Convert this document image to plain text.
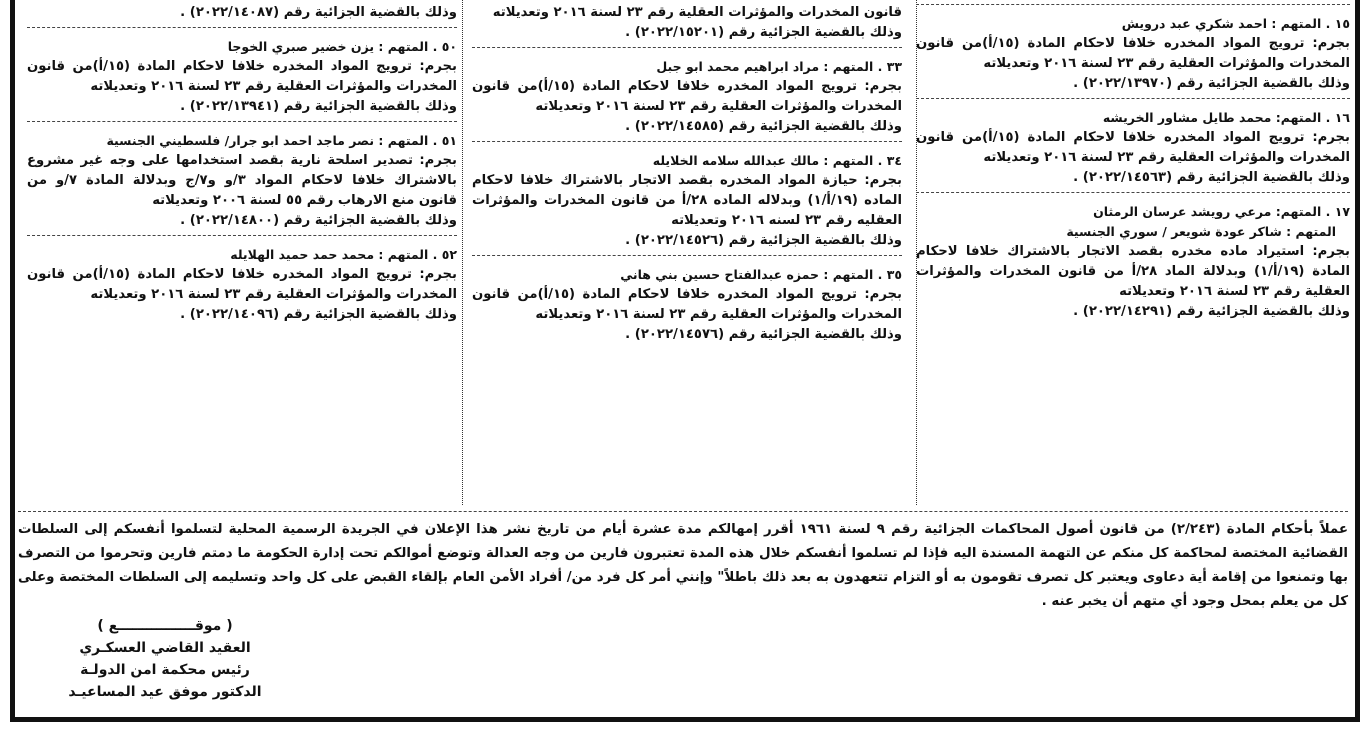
١٥ . المتهم : احمد شكري عبد درويش
بجرم: ترويج المواد المخدره خلافا لاحكام المادة (١٥/أ)من قانون المخدرات والمؤثرات العقلية رقم ٢٣ لسنة ٢٠١٦ وتعديلاته
وذلك بالقضية الجزائية رقم (٢٠٢٢/١٣٩٧٠) .
١٦ . المتهم: محمد طايل مشاور الخريشه
بجرم: ترويج المواد المخدره خلافا لاحكام المادة (١٥/أ)من قانون المخدرات والمؤثرات العقلية رقم ٢٣ لسنة ٢٠١٦ وتعديلاته
وذلك بالقضية الجزائية رقم (٢٠٢٢/١٤٥٦٣) .
١٧ . المتهم: مرعي رويشد عرسان الرمثان
المتهم : شاكر عودة شويعر / سوري الجنسية
بجرم: استيراد ماده مخدره بقصد الاتجار بالاشتراك خلافا لاحكام المادة (١٩/أ/١) وبدلالة الماد ٢٨/أ من قانون المخدرات والمؤثرات العقلية رقم ٢٣ لسنة ٢٠١٦ وتعديلاته
وذلك بالقضية الجزائية رقم (٢٠٢٢/١٤٢٩١) .
قانون المخدرات والمؤثرات العقلية رقم ٢٣ لسنة ٢٠١٦ وتعديلاته
وذلك بالقضية الجزائية رقم (٢٠٢٢/١٥٢٠١) .
٣٣ . المتهم : مراد ابراهيم محمد ابو جبل
بجرم: ترويج المواد المخدره خلافا لاحكام المادة (١٥/أ)من قانون المخدرات والمؤثرات العقلية رقم ٢٣ لسنة ٢٠١٦ وتعديلاته
وذلك بالقضية الجزائية رقم (٢٠٢٢/١٤٥٨٥) .
٣٤ . المتهم : مالك عبدالله سلامه الخلايله
بجرم: حيازة المواد المخدره بقصد الاتجار بالاشتراك خلافا لاحكام الماده (١٩/أ/١) وبدلاله الماده ٢٨/أ من قانون المخدرات والمؤثرات العقليه رقم ٢٣ لسنه ٢٠١٦ وتعديلاته
وذلك بالقضية الجزائية رقم (٢٠٢٢/١٤٥٢٦) .
٣٥ . المتهم : حمزه عبدالفتاح حسين بني هاني
بجرم: ترويج المواد المخدره خلافا لاحكام المادة (١٥/أ)من قانون المخدرات والمؤثرات العقلية رقم ٢٣ لسنة ٢٠١٦ وتعديلاته
وذلك بالقضية الجزائية رقم (٢٠٢٢/١٤٥٧٦) .
وذلك بالقضية الجزائية رقم (٢٠٢٢/١٤٠٨٧) .
٥٠ . المتهم : يزن خضير صبري الخوجا
بجرم: ترويج المواد المخدره خلافا لاحكام المادة (١٥/أ)من قانون المخدرات والمؤثرات العقلية رقم ٢٣ لسنة ٢٠١٦ وتعديلاته
وذلك بالقضية الجزائية رقم (٢٠٢٢/١٣٩٤١) .
٥١ . المتهم : نصر ماجد احمد ابو جرار/ فلسطيني الجنسية
بجرم: تصدير اسلحة نارية بقصد استخدامها على وجه غير مشروع بالاشتراك خلافا لاحكام المواد ٣/و و٧/ج وبدلالة المادة ٧/و من قانون منع الارهاب رقم ٥٥ لسنة ٢٠٠٦ وتعديلاته
وذلك بالقضية الجزائية رقم (٢٠٢٢/١٤٨٠٠) .
٥٢ . المتهم : محمد حمد حميد الهلايله
بجرم: ترويج المواد المخدره خلافا لاحكام المادة (١٥/أ)من قانون المخدرات والمؤثرات العقلية رقم ٢٣ لسنة ٢٠١٦ وتعديلاته
وذلك بالقضية الجزائية رقم (٢٠٢٢/١٤٠٩٦) .
عملاً بأحكام المادة (٢/٢٤٣) من قانون أصول المحاكمات الجزائية رقم ٩ لسنة ١٩٦١ أقرر إمهالكم مدة عشرة أيام من تاريخ نشر هذا الإعلان في الجريدة الرسمية المحلية لتسلموا أنفسكم إلى السلطات القضائية المختصة لمحاكمة كل منكم عن التهمة المسندة اليه فإذا لم تسلموا أنفسكم خلال هذه المدة تعتبرون فارين من وجه العدالة وتوضع أموالكم تحت إدارة الحكومة ما دمتم فارين وتحرموا من التصرف بها وتمنعوا من إقامة أية دعاوى ويعتبر كل تصرف تقومون به أو التزام تتعهدون به بعد ذلك باطلاً" وإنني أمر كل فرد من/ أفراد الأمن العام بإلقاء القبض على كل واحد وتسليمه إلى السلطات المختصة وعلى كل من يعلم بمحل وجود أي متهم أن يخبر عنه .
( موقــــــــــــــــع )
العقيد القاضي العسكـري
رئيس محكمة امن الدولـة
الدكتور موفق عيد المساعيـد
